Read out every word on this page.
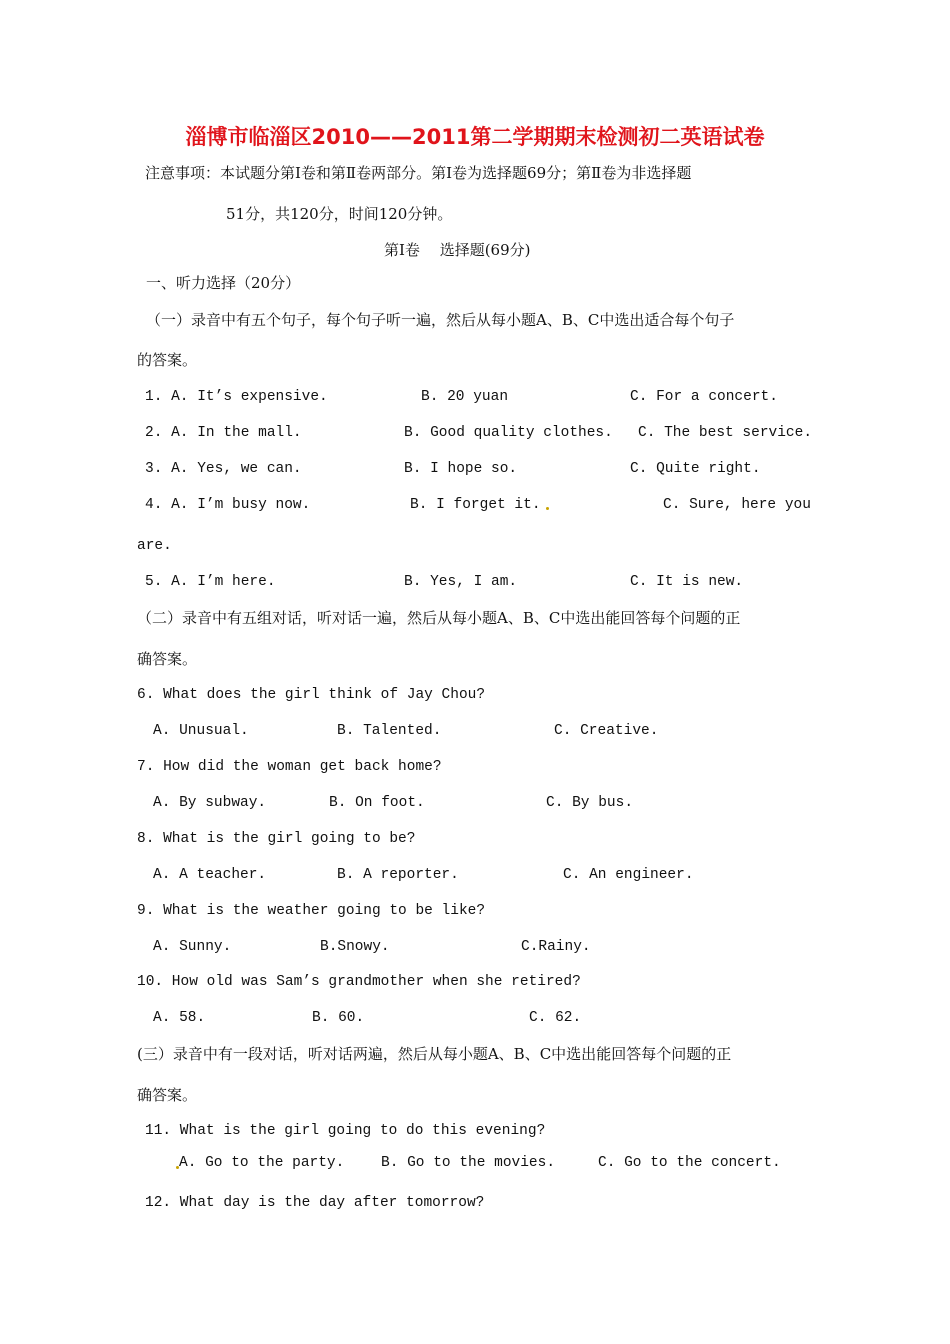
淄博市临淄区2010——2011第二学期期末检测初二英语试卷
注意事项：本试题分第Ⅰ卷和第Ⅱ卷两部分。第Ⅰ卷为选择题69分；第Ⅱ卷为非选择题
51分，共120分，时间120分钟。
第Ⅰ卷　 选择题(69分)
一、听力选择（20分）
（一）录音中有五个句子，每个句子听一遍，然后从每小题A、B、C中选出适合每个句子
的答案。
1. A. It’s expensive.	B. 20 yuan	C. For a concert.
2. A. In the mall.	B. Good quality clothes. C. The best service.
3. A. Yes, we can.	B. I hope so.	C. Quite right.
4. A. I’m busy now.	B. I forget it.	C. Sure, here you
are.
5. A. I’m here.	B. Yes, I am.	C. It is new.
（二）录音中有五组对话，听对话一遍，然后从每小题A、B、C中选出能回答每个问题的正
确答案。
6. What does the girl think of Jay Chou?
A. Unusual.	B. Talented.	C. Creative.
7. How did the woman get back home?
A. By subway.	B. On foot.	C. By bus.
8. What is the girl going to be?
A. A teacher.	B. A reporter.	C. An engineer.
9. What is the weather going to be like?
A. Sunny.	B.Snowy.	C.Rainy.
10. How old was Sam’s grandmother when she retired?
A. 58.	B. 60.	C. 62.
(三）录音中有一段对话，听对话两遍，然后从每小题A、B、C中选出能回答每个问题的正
确答案。
11. What is the girl going to do this evening?
A. Go to the party.	B. Go to the movies.	C. Go to the concert.
12. What day is the day after tomorrow?
